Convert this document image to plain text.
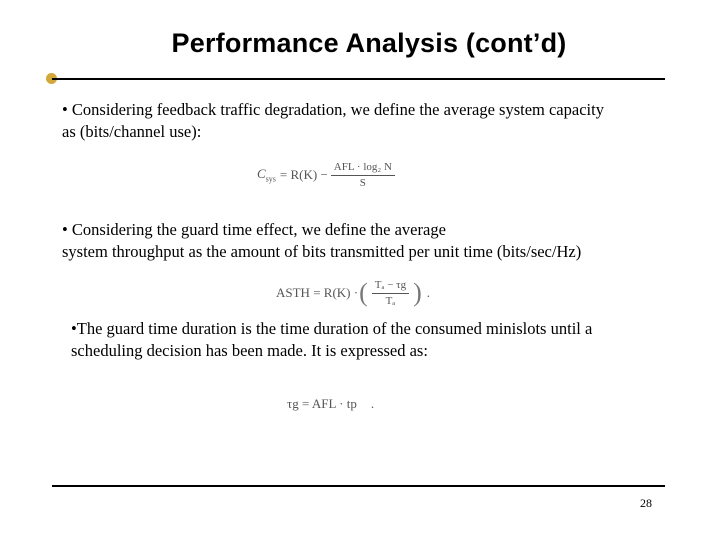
Performance Analysis (cont’d)
• Considering feedback traffic degradation, we define the average system capacity
as (bits/channel use):
$C_{sys} = R(K) - \frac{\text{AFL · log₂ N}}{S}$
• Considering the guard time effect, we define the average
system throughput as the amount of bits transmitted per unit time (bits/sec/Hz)
ASTH = R(K) · ( $\frac{\text{Tₐ − τg}}{\text{Tₐ}}$ ) .
•The guard time duration is the time duration of the consumed minislots until a
scheduling decision has been made. It is expressed as:
τg = AFL · tp .
28
